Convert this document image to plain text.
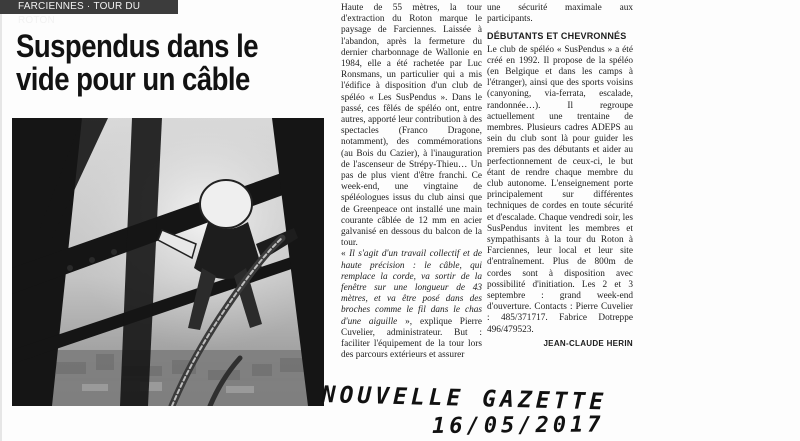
FARCIENNES · TOUR DU ROTON
Suspendus dans le
vide pour un câble

Haute de 55 mètres, la tour d'extraction du Roton marque le paysage de Farciennes. Laissée à l'abandon, après la fermeture du dernier charbonnage de Wallonie en 1984, elle a été rachetée par Luc Ronsmans, un particulier qui a mis l'édifice à disposition d'un club de spéléo « Les SusPendus ». Dans le passé, ces fêlés de spéléo ont, entre autres, apporté leur contribution à des spectacles (Franco Dragone, notamment), des commémorations (au Bois du Cazier), à l'inauguration de l'ascenseur de Strépy-Thieu… Un pas de plus vient d'être franchi. Ce week-end, une vingtaine de spéléologues issus du club ainsi que de Greenpeace ont installé une main courante câblée de 12 mm en acier galvanisé en dessous du balcon de la tour.

« Il s'agit d'un travail collectif et de haute précision : le câble, qui remplace la corde, va sortir de la fenêtre sur une longueur de 43 mètres, et va être posé dans des broches comme le fil dans le chas d'une aiguille », explique Pierre Cuvelier, administrateur. But : faciliter l'équipement de la tour lors des parcours extérieurs et assurer

une sécurité maximale aux participants.

DÉBUTANTS ET CHEVRONNÉS

Le club de spéléo « SusPendus » a été créé en 1992. Il propose de la spéléo (en Belgique et dans les camps à l'étranger), ainsi que des sports voisins (canyoning, via-ferrata, escalade, randonnée…). Il regroupe actuellement une trentaine de membres. Plusieurs cadres ADEPS au sein du club sont là pour guider les premiers pas des débutants et aider au perfectionnement de ceux-ci, le but étant de rendre chaque membre du club autonome. L'enseignement porte principalement sur différentes techniques de cordes en toute sécurité et d'escalade. Chaque vendredi soir, les SusPendus invitent les membres et sympathisants à la tour du Roton à Farciennes, leur local et leur site d'entraînement. Plus de 800m de cordes sont à disposition avec possibilité d'initiation. Les 2 et 3 septembre : grand week-end d'ouverture. Contacts : Pierre Cuvelier : 485/371717. Fabrice Dotreppe 496/479523.

JEAN-CLAUDE HERIN

NOUVELLE GAZETTE
16/05/2017
